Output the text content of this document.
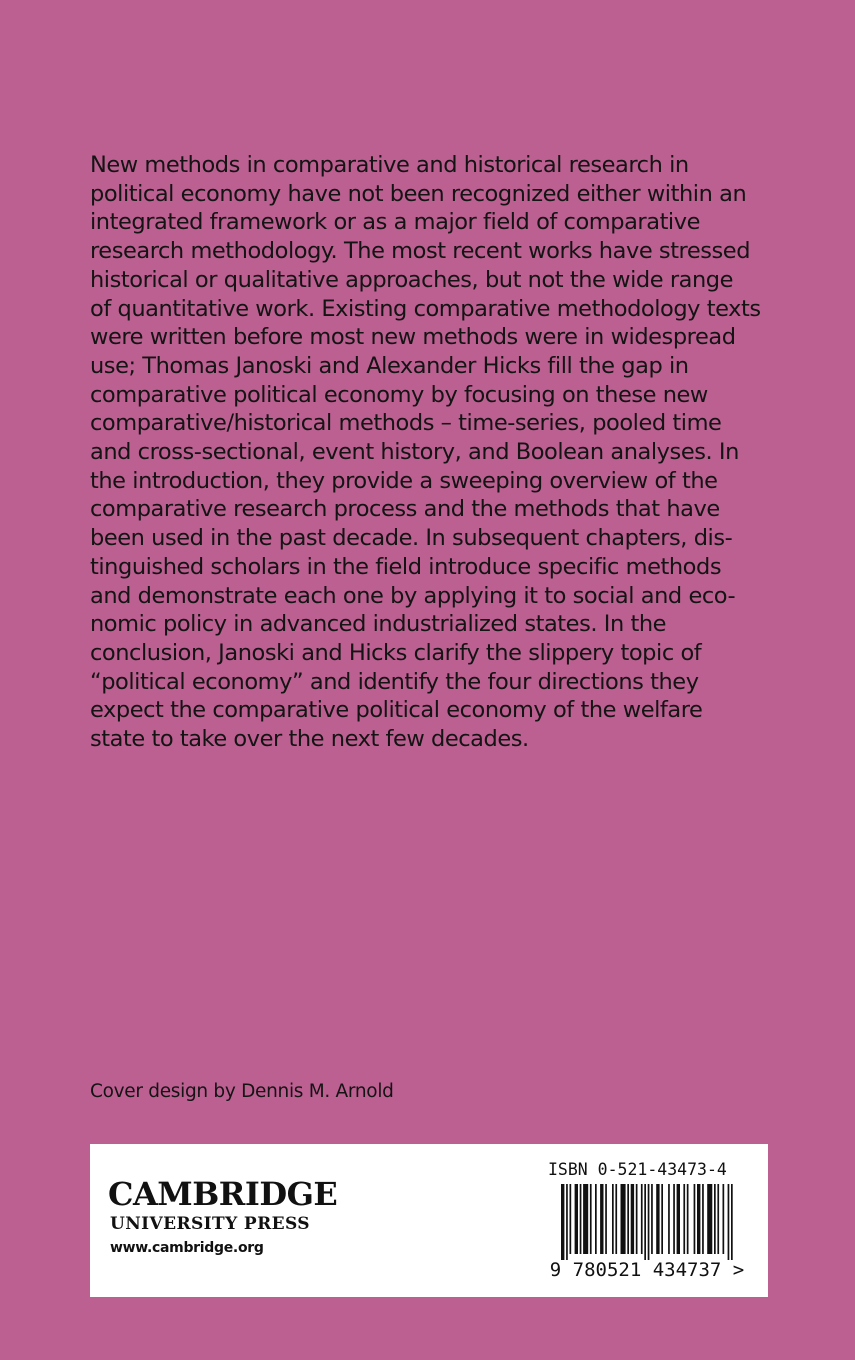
New methods in comparative and historical research in
political economy have not been recognized either within an
integrated framework or as a major field of comparative
research methodology. The most recent works have stressed
historical or qualitative approaches, but not the wide range
of quantitative work. Existing comparative methodology texts
were written before most new methods were in widespread
use; Thomas Janoski and Alexander Hicks fill the gap in
comparative political economy by focusing on these new
comparative/historical methods – time-series, pooled time
and cross-sectional, event history, and Boolean analyses. In
the introduction, they provide a sweeping overview of the
comparative research process and the methods that have
been used in the past decade. In subsequent chapters, dis-
tinguished scholars in the field introduce specific methods
and demonstrate each one by applying it to social and eco-
nomic policy in advanced industrialized states. In the
conclusion, Janoski and Hicks clarify the slippery topic of
“political economy” and identify the four directions they
expect the comparative political economy of the welfare
state to take over the next few decades.

Cover design by Dennis M. Arnold

CAMBRIDGE
UNIVERSITY PRESS
www.cambridge.org
ISBN 0-521-43473-4
9 780521 434737 >
